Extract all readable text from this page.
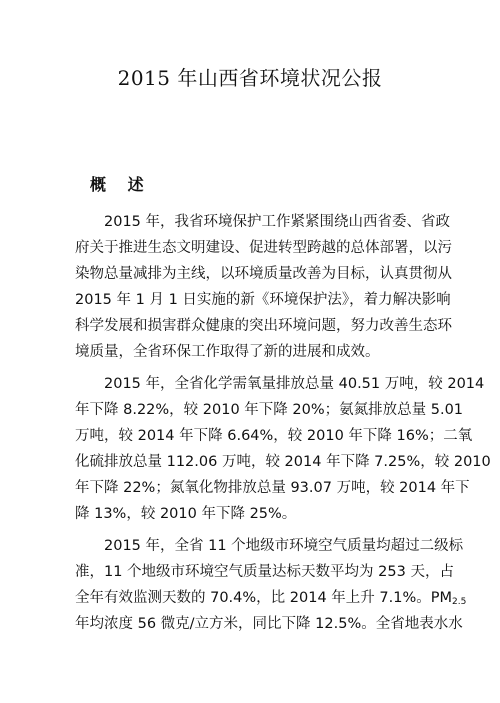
2015 年山西省环境状况公报
概 述
2015 年，我省环境保护工作紧紧围绕山西省委、省政
府关于推进生态文明建设、促进转型跨越的总体部署，以污
染物总量减排为主线，以环境质量改善为目标，认真贯彻从
2015 年 1 月 1 日实施的新《环境保护法》，着力解决影响
科学发展和损害群众健康的突出环境问题，努力改善生态环
境质量，全省环保工作取得了新的进展和成效。
2015 年，全省化学需氧量排放总量 40.51 万吨，较 2014
年下降 8.22%，较 2010 年下降 20%；氨氮排放总量 5.01
万吨，较 2014 年下降 6.64%，较 2010 年下降 16%；二氧
化硫排放总量 112.06 万吨，较 2014 年下降 7.25%，较 2010
年下降 22%；氮氧化物排放总量 93.07 万吨，较 2014 年下
降 13%，较 2010 年下降 25%。
2015 年，全省 11 个地级市环境空气质量均超过二级标
准，11 个地级市环境空气质量达标天数平均为 253 天，占
全年有效监测天数的 70.4%，比 2014 年上升 7.1%。$PM_{2.5}$
年均浓度 56 微克/立方米，同比下降 12.5%。全省地表水水
